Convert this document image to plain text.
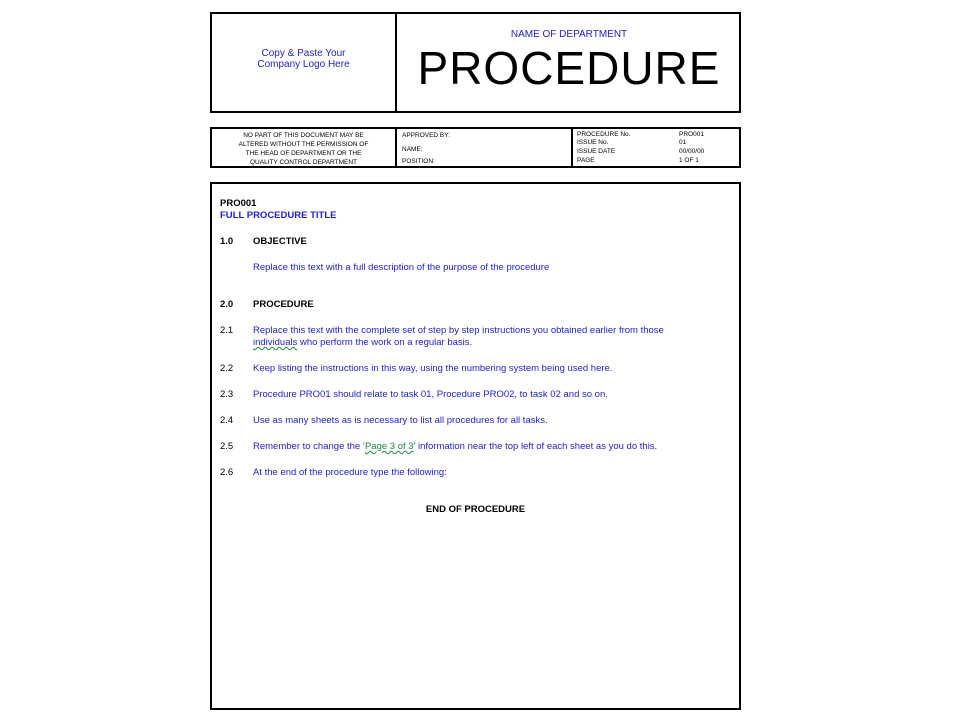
Copy & Paste Your
Company Logo Here
NAME OF DEPARTMENT
PROCEDURE
NO PART OF THIS DOCUMENT MAY BE
ALTERED WITHOUT THE PERMISSION OF
THE HEAD OF DEPARTMENT OR THE
QUALITY CONTROL DEPARTMENT
APPROVED BY:
NAME:
POSITION:
PROCEDURE No.	PRO001
ISSUE No.	01
ISSUE DATE	00/00/00
PAGE	1 OF 1
PRO001
FULL PROCEDURE TITLE
1.0 OBJECTIVE
Replace this text with a full description of the purpose of the procedure
2.0 PROCEDURE
2.1 Replace this text with the complete set of step by step instructions you obtained earlier from those
individuals who perform the work on a regular basis.
2.2 Keep listing the instructions in this way, using the numbering system being used here.
2.3 Procedure PRO01 should relate to task 01, Procedure PRO02, to task 02 and so on.
2.4 Use as many sheets as is necessary to list all procedures for all tasks.
2.5 Remember to change the ‘Page 3 of 3’ information near the top left of each sheet as you do this.
2.6 At the end of the procedure type the following:
END OF PROCEDURE
